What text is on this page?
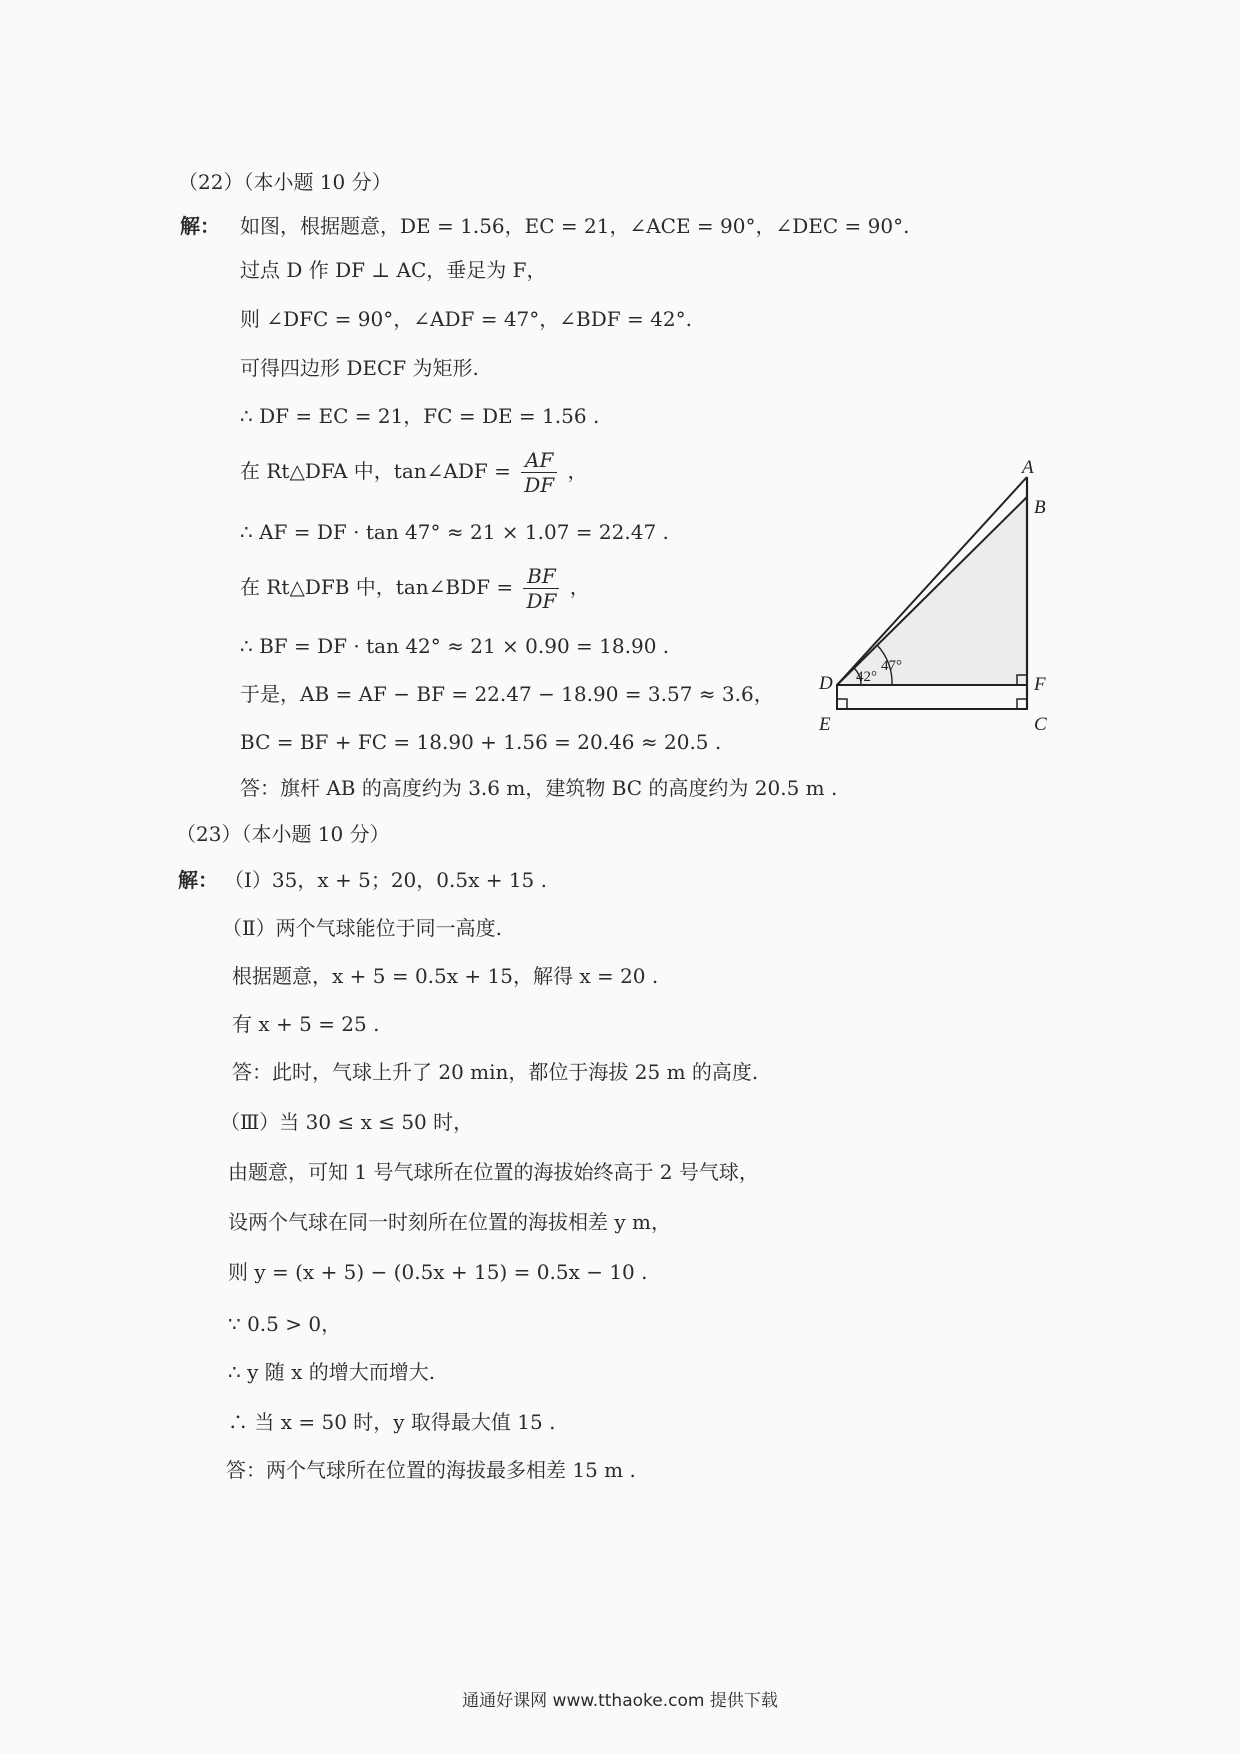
（22）（本小题 10 分）
解： 如图，根据题意，DE = 1.56，EC = 21，∠ACE = 90°，∠DEC = 90°.
过点 D 作 DF ⊥ AC，垂足为 F，
则 ∠DFC = 90°，∠ADF = 47°，∠BDF = 42°.
可得四边形 DECF 为矩形.
∴ DF = EC = 21，FC = DE = 1.56 .
在 Rt△DFA 中，tan∠ADF = $\frac{AF}{DF}$ ，
∴ AF = DF · tan 47° ≈ 21 × 1.07 = 22.47 .
在 Rt△DFB 中，tan∠BDF = $\frac{BF}{DF}$ ，
∴ BF = DF · tan 42° ≈ 21 × 0.90 = 18.90 .
于是，AB = AF − BF = 22.47 − 18.90 = 3.57 ≈ 3.6，
BC = BF + FC = 18.90 + 1.56 = 20.46 ≈ 20.5 .
答：旗杆 AB 的高度约为 3.6 m，建筑物 BC 的高度约为 20.5 m .
42°
47°
A
B
C
D
E
F
（23）（本小题 10 分）
解： （Ⅰ）35，x + 5；20，0.5x + 15 .
（Ⅱ）两个气球能位于同一高度.
根据题意，x + 5 = 0.5x + 15，解得 x = 20 .
有 x + 5 = 25 .
答：此时，气球上升了 20 min，都位于海拔 25 m 的高度.
（Ⅲ）当 30 ≤ x ≤ 50 时，
由题意，可知 1 号气球所在位置的海拔始终高于 2 号气球，
设两个气球在同一时刻所在位置的海拔相差 y m，
则 y = (x + 5) − (0.5x + 15) = 0.5x − 10 .
∵ 0.5 > 0，
∴ y 随 x 的增大而增大.
∴ 当 x = 50 时，y 取得最大值 15 .
答：两个气球所在位置的海拔最多相差 15 m .
通通好课网 www.tthaoke.com 提供下载
